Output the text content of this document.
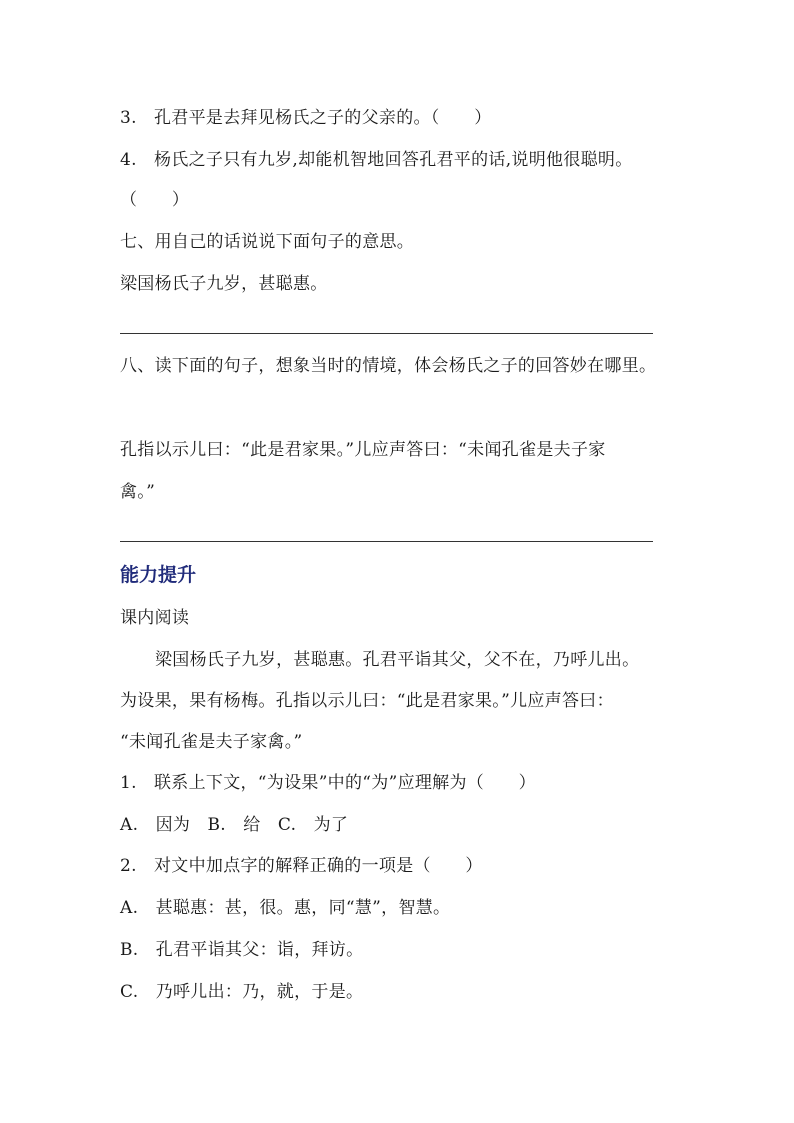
3. 孔君平是去拜见杨氏之子的父亲的。（　　）
4. 杨氏之子只有九岁,却能机智地回答孔君平的话,说明他很聪明。
（　　）
七、用自己的话说说下面句子的意思。
梁国杨氏子九岁，甚聪惠。
八、读下面的句子，想象当时的情境，体会杨氏之子的回答妙在哪里。
孔指以示儿曰：“此是君家果。”儿应声答曰：“未闻孔雀是夫子家
禽。”
能力提升
课内阅读
梁国杨氏子九岁，甚聪惠。孔君平诣其父，父不在，乃呼儿出。
为设果，果有杨梅。孔指以示儿曰：“此是君家果。”儿应声答曰：
“未闻孔雀是夫子家禽。”
1. 联系上下文，“为设果”中的“为”应理解为（　　）
A.　因为　B.　给　C.　为了
2. 对文中加点字的解释正确的一项是（　　）
A.　甚聪惠：甚，很。惠，同“慧”，智慧。
B.　孔君平诣其父：诣，拜访。
C.　乃呼儿出：乃，就，于是。
